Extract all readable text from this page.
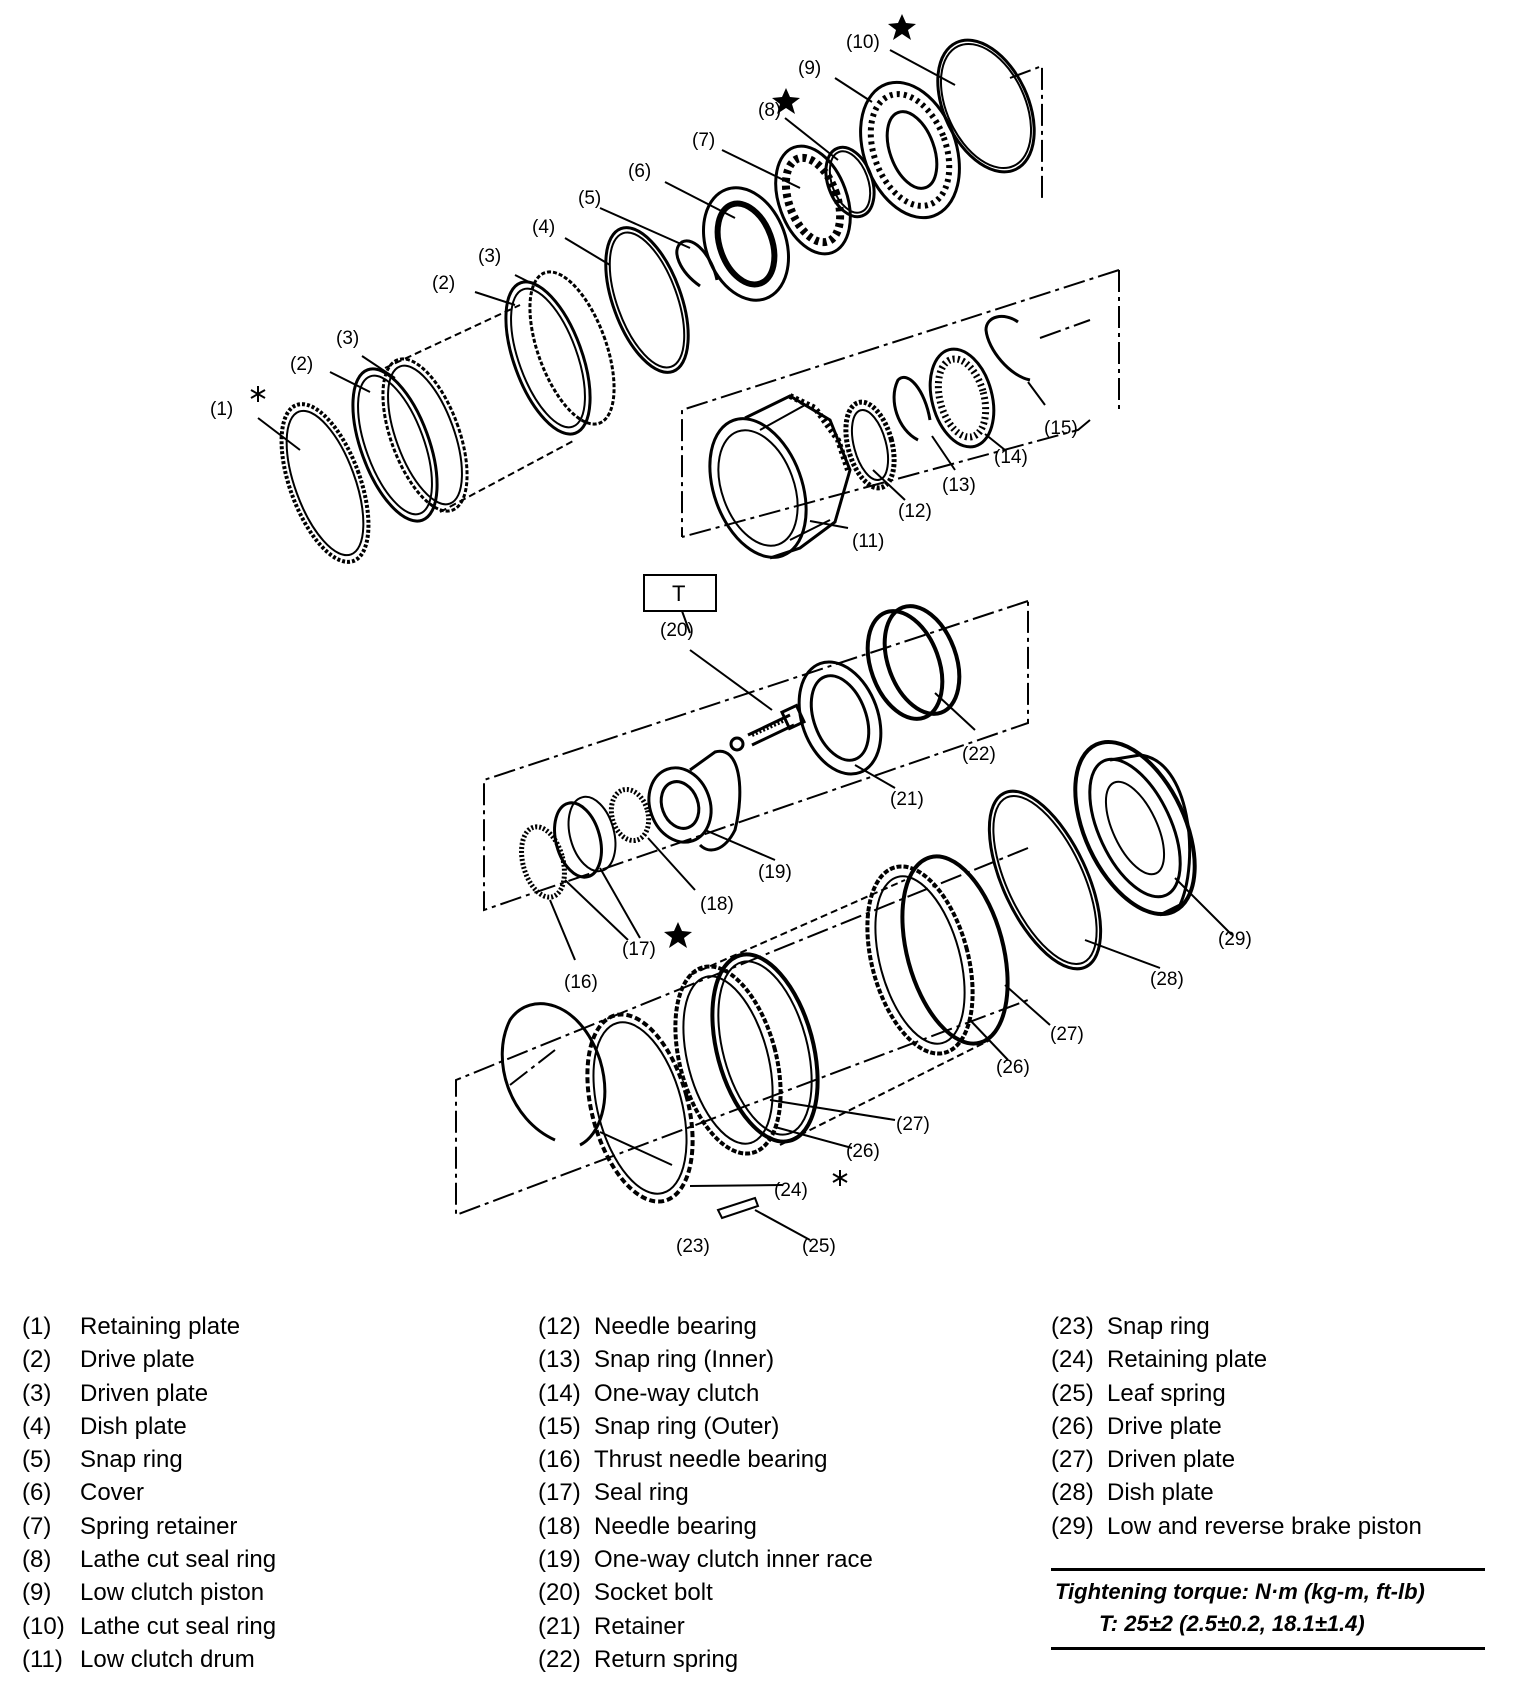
(1)
(2)
(3)
(2)
(3)
(4)
(5)
(6)
(7)
(8)
(9)
(10)
(11)
(12)
(13)
(14)
(15)
T
(20)
(21)
(22)
(19)
(18)
(17)
(16)
(29)
(28)
(27)
(26)
(27)
(26)
(24)
(23)	(25)
(1)	Retaining plate
(2)	Drive plate
(3)	Driven plate
(4)	Dish plate
(5)	Snap ring
(6)	Cover
(7)	Spring retainer
(8)	Lathe cut seal ring
(9)	Low clutch piston
(10) Lathe cut seal ring
(11) Low clutch drum
(12) Needle bearing
(13) Snap ring (Inner)
(14) One-way clutch
(15) Snap ring (Outer)
(16) Thrust needle bearing
(17) Seal ring
(18) Needle bearing
(19) One-way clutch inner race
(20) Socket bolt
(21) Retainer
(22) Return spring
(23) Snap ring
(24) Retaining plate
(25) Leaf spring
(26) Drive plate
(27) Driven plate
(28) Dish plate
(29) Low and reverse brake piston
Tightening torque: N·m (kg-m, ft-lb)
T: 25±2 (2.5±0.2, 18.1±1.4)
